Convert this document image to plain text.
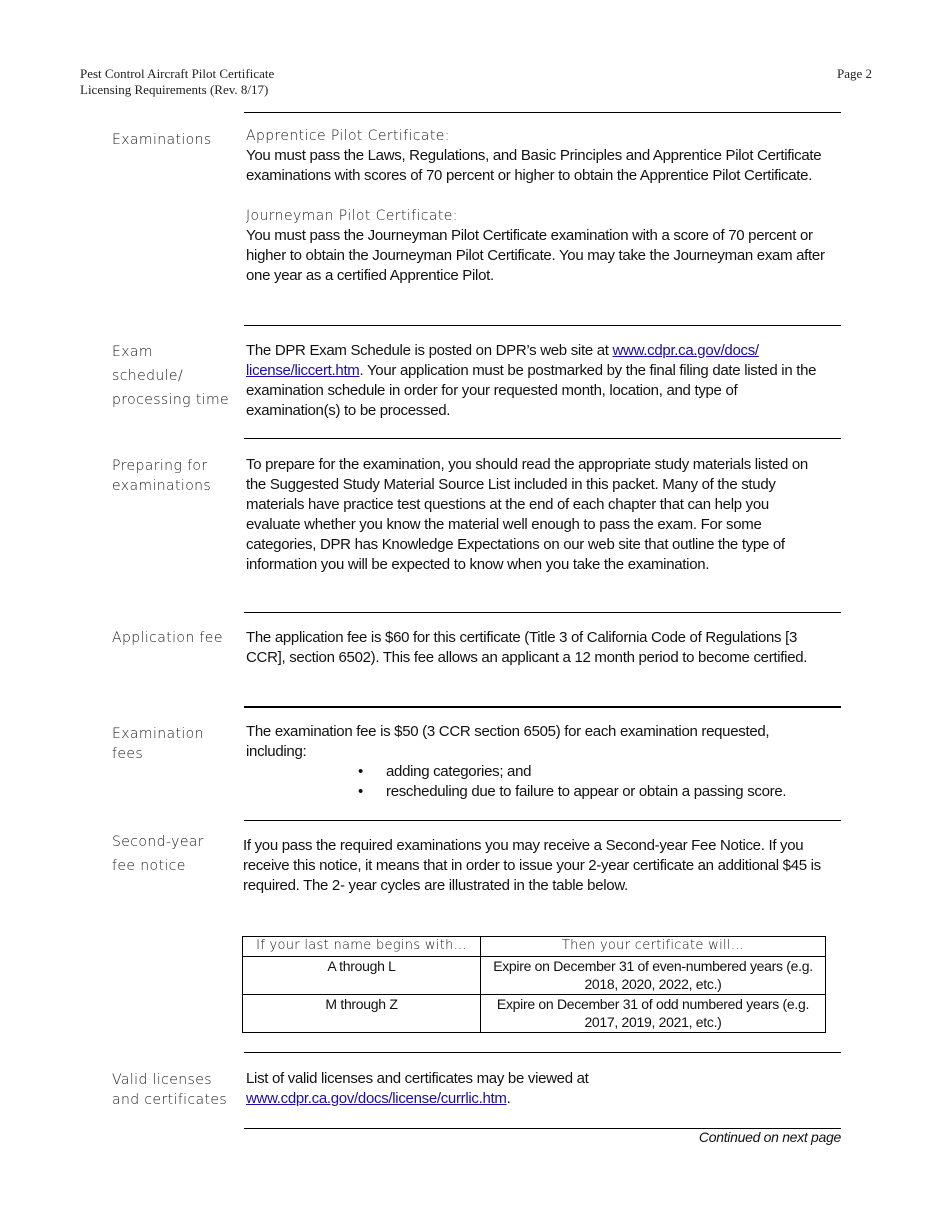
Pest Control Aircraft Pilot Certificate
Licensing Requirements (Rev. 8/17)
Page 2
Examinations	Apprentice Pilot Certificate:
You must pass the Laws, Regulations, and Basic Principles and Apprentice Pilot Certificate examinations with scores of 70 percent or higher to obtain the Apprentice Pilot Certificate.
Journeyman Pilot Certificate:
You must pass the Journeyman Pilot Certificate examination with a score of 70 percent or higher to obtain the Journeyman Pilot Certificate. You may take the Journeyman exam after one year as a certified Apprentice Pilot.
Exam
schedule/
processing time
The DPR Exam Schedule is posted on DPR’s web site at www.cdpr.ca.gov/docs/
license/liccert.htm. Your application must be postmarked by the final filing date listed in the examination schedule in order for your requested month, location, and type of examination(s) to be processed.
Preparing for
examinations
To prepare for the examination, you should read the appropriate study materials listed on the Suggested Study Material Source List included in this packet. Many of the study materials have practice test questions at the end of each chapter that can help you evaluate whether you know the material well enough to pass the exam. For some categories, DPR has Knowledge Expectations on our web site that outline the type of information you will be expected to know when you take the examination.
Application fee	The application fee is $60 for this certificate (Title 3 of California Code of Regulations [3 CCR], section 6502). This fee allows an applicant a 12 month period to become certified.
Examination
fees
The examination fee is $50 (3 CCR section 6505) for each examination requested, including:
• adding categories; and
• rescheduling due to failure to appear or obtain a passing score.
Second-year
fee notice
If you pass the required examinations you may receive a Second-year Fee Notice. If you receive this notice, it means that in order to issue your 2-year certificate an additional $45 is required. The 2- year cycles are illustrated in the table below.
If your last name begins with…	Then your certificate will…
A through L	Expire on December 31 of even-numbered years (e.g. 2018, 2020, 2022, etc.)
M through Z	Expire on December 31 of odd numbered years (e.g. 2017, 2019, 2021, etc.)
Valid licenses
and certificates
List of valid licenses and certificates may be viewed at
www.cdpr.ca.gov/docs/license/currlic.htm.
Continued on next page
